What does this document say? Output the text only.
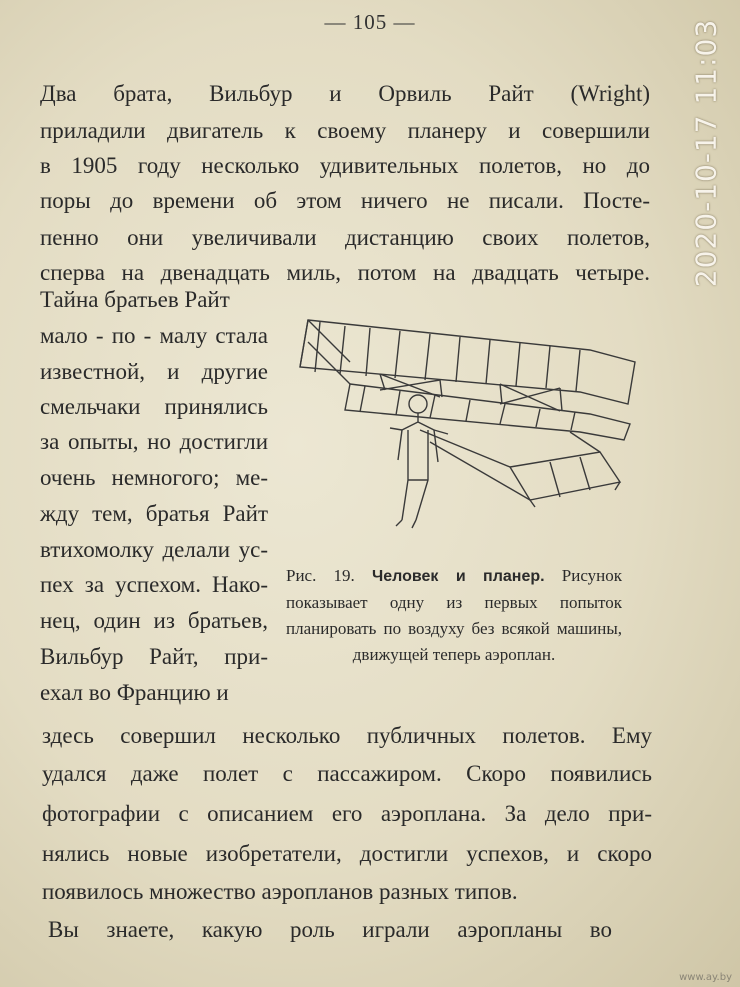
— 105 —	2020-10-17 11:03
Два брата, Вильбур и Орвиль Райт (Wright)
приладили двигатель к своему планеру и совершили
в 1905 году несколько удивительных полетов, но до
поры до времени об этом ничего не писали. Посте-
пенно они увеличивали дистанцию своих полетов,
сперва на двенадцать миль, потом на двадцать четыре.
Тайна братьев Райт
мало - по - малу стала
известной, и другие
смельчаки принялись
за опыты, но достигли
очень немногого; ме-
жду тем, братья Райт
втихомолку делали ус-
пех за успехом. Нако-
нец, один из братьев,
Вильбур Райт, при-
ехал во Францию и
Рис. 19. Человек и планер. Рисунок показывает одну из первых попыток планировать по воздуху без всякой машины, движущей теперь аэроплан.
здесь совершил несколько публичных полетов. Ему
удался даже полет с пассажиром. Скоро появились
фотографии с описанием его аэроплана. За дело при-
нялись новые изобретатели, достигли успехов, и скоро
появилось множество аэропланов разных типов.
Вы знаете, какую роль играли аэропланы во
www.ay.by
